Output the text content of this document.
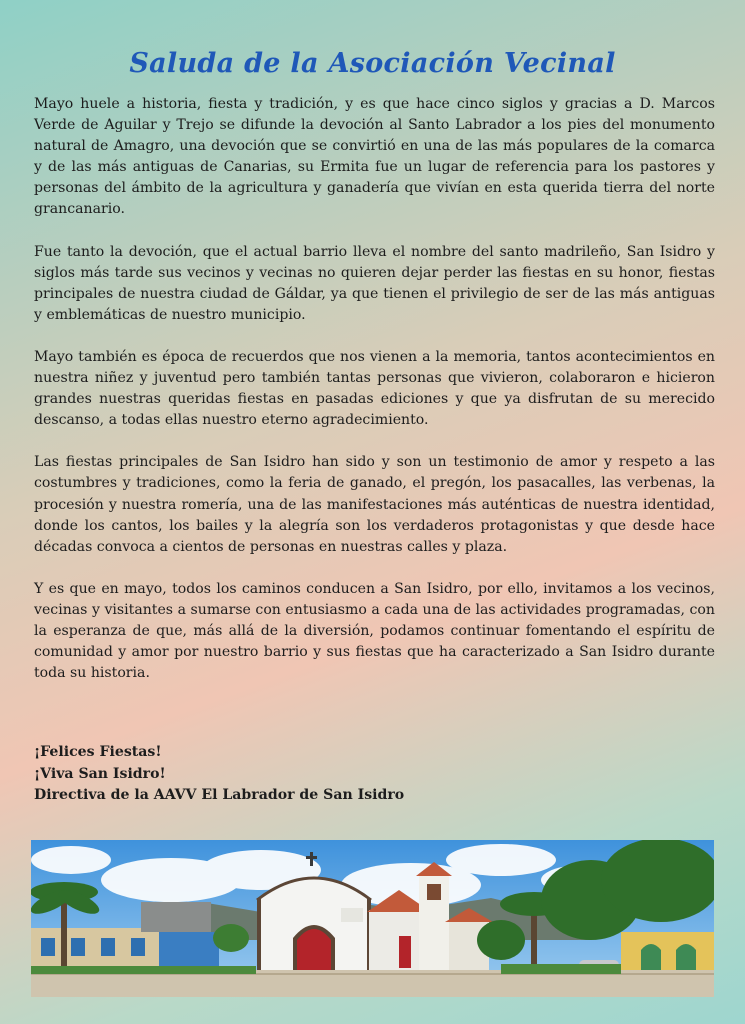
Saluda de la Asociación Vecinal

Mayo huele a historia, fiesta y tradición, y es que hace cinco siglos y gracias a D. Marcos Verde de Aguilar y Trejo se difunde la devoción al Santo Labrador a los pies del monumento natural de Amagro, una devoción que se convirtió en una de las más populares de la comarca y de las más antiguas de Canarias, su Ermita fue un lugar de referencia para los pastores y personas del ámbito de la agricultura y ganadería que vivían en esta querida tierra del norte grancanario.

Fue tanto la devoción, que el actual barrio lleva el nombre del santo madrileño, San Isidro y siglos más tarde sus vecinos y vecinas no quieren dejar perder las fiestas en su honor, fiestas principales de nuestra ciudad de Gáldar, ya que tienen el privilegio de ser de las más antiguas y emblemáticas de nuestro municipio.

Mayo también es época de recuerdos que nos vienen a la memoria, tantos acontecimientos en nuestra niñez y juventud pero también tantas personas que vivieron, colaboraron e hicieron grandes nuestras queridas fiestas en pasadas ediciones y que ya disfrutan de su merecido descanso, a todas ellas nuestro eterno agradecimiento.

Las fiestas principales de San Isidro han sido y son un testimonio de amor y respeto a las costumbres y tradiciones, como la feria de ganado, el pregón, los pasacalles, las verbenas, la procesión y nuestra romería, una de las manifestaciones más auténticas de nuestra identidad, donde los cantos, los bailes y la alegría son los verdaderos protagonistas y que desde hace décadas convoca a cientos de personas en nuestras calles y plaza.

Y es que en mayo, todos los caminos conducen a San Isidro, por ello, invitamos a los vecinos, vecinas y visitantes a sumarse con entusiasmo a cada una de las actividades programadas, con la esperanza de que, más allá de la diversión, podamos continuar fomentando el espíritu de comunidad y amor por nuestro barrio y sus fiestas que ha caracterizado a San Isidro durante toda su historia.

¡Felices Fiestas!
¡Viva San Isidro!
Directiva de la AAVV El Labrador de San Isidro
